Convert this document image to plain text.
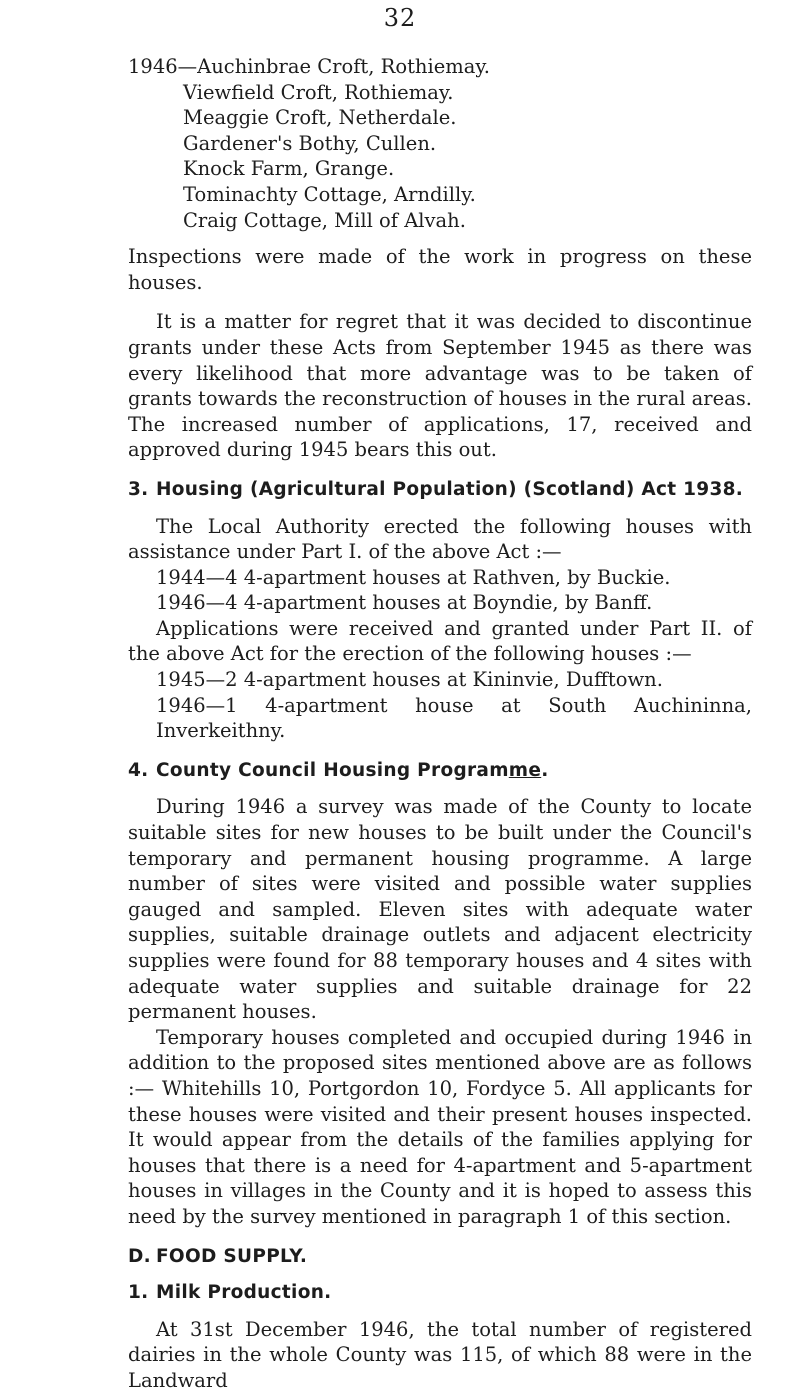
32
1946—Auchinbrae Croft, Rothiemay.
Viewfield Croft, Rothiemay.
Meaggie Croft, Netherdale.
Gardener's Bothy, Cullen.
Knock Farm, Grange.
Tominachty Cottage, Arndilly.
Craig Cottage, Mill of Alvah.

Inspections were made of the work in progress on these houses.

It is a matter for regret that it was decided to discontinue grants under these Acts from September 1945 as there was every likelihood that more advantage was to be taken of grants towards the reconstruction of houses in the rural areas. The increased number of applications, 17, received and approved during 1945 bears this out.

3. Housing (Agricultural Population) (Scotland) Act 1938.

The Local Authority erected the following houses with assistance under Part I. of the above Act :—

1944—4 4-apartment houses at Rathven, by Buckie.

1946—4 4-apartment houses at Boyndie, by Banff.

Applications were received and granted under Part II. of the above Act for the erection of the following houses :—

1945—2 4-apartment houses at Kininvie, Dufftown.

1946—1 4-apartment house at South Auchininna, Inverkeithny.

4. County Council Housing Programme.

During 1946 a survey was made of the County to locate suitable sites for new houses to be built under the Council's temporary and permanent housing programme. A large number of sites were visited and possible water supplies gauged and sampled. Eleven sites with adequate water supplies, suitable drainage outlets and adjacent electricity supplies were found for 88 temporary houses and 4 sites with adequate water supplies and suitable drainage for 22 permanent houses.

Temporary houses completed and occupied during 1946 in addition to the proposed sites mentioned above are as follows :— Whitehills 10, Portgordon 10, Fordyce 5. All applicants for these houses were visited and their present houses inspected. It would appear from the details of the families applying for houses that there is a need for 4-apartment and 5-apartment houses in villages in the County and it is hoped to assess this need by the survey mentioned in paragraph 1 of this section.

D. FOOD SUPPLY.
1. Milk Production.

At 31st December 1946, the total number of registered dairies in the whole County was 115, of which 88 were in the Landward
